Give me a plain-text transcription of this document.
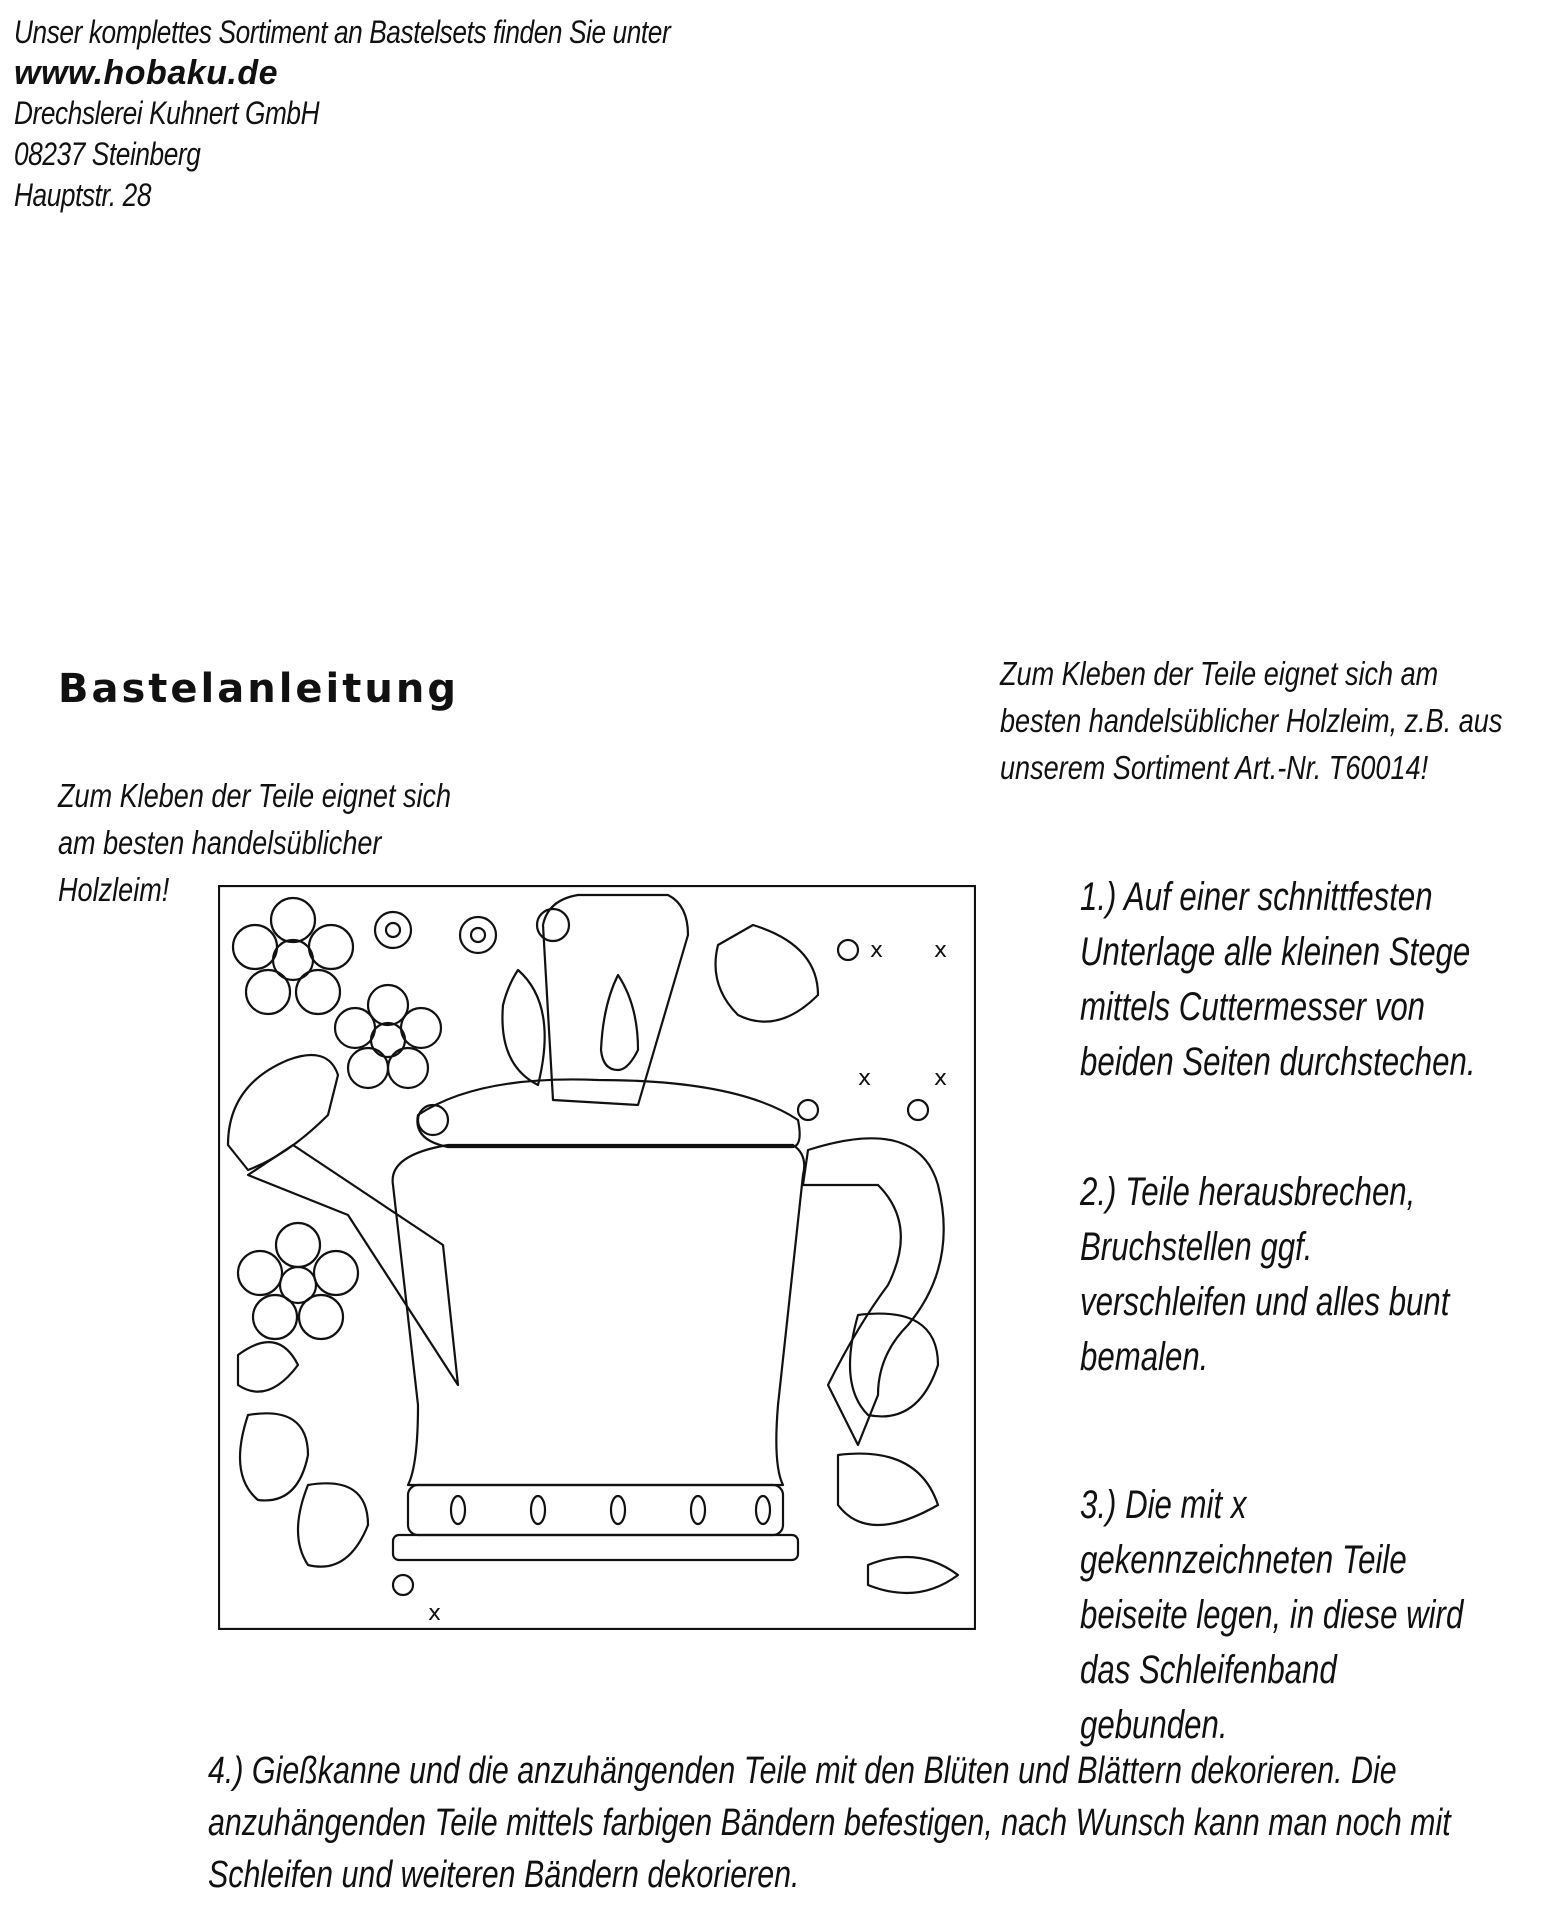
Unser komplettes Sortiment an Bastelsets finden Sie unter
www.hobaku.de
Drechslerei Kuhnert GmbH
08237 Steinberg
Hauptstr. 28
Bastelanleitung
Zum Kleben der Teile eignet sich am besten handelsüblicher Holzleim!
Zum Kleben der Teile eignet sich am besten handelsüblicher Holzleim, z.B. aus unserem Sortiment Art.-Nr. T60014!
x x
x	x
x
1.) Auf einer schnittfesten Unterlage alle kleinen Stege mittels Cuttermesser von beiden Seiten durchstechen.
2.) Teile herausbrechen, Bruchstellen ggf. verschleifen und alles bunt bemalen.
3.) Die mit x gekennzeichneten Teile beiseite legen, in diese wird das Schleifenband gebunden.
4.) Gießkanne und die anzuhängenden Teile mit den Blüten und Blättern dekorieren. Die anzuhängenden Teile mittels farbigen Bändern befestigen, nach Wunsch kann man noch mit Schleifen und weiteren Bändern dekorieren.
